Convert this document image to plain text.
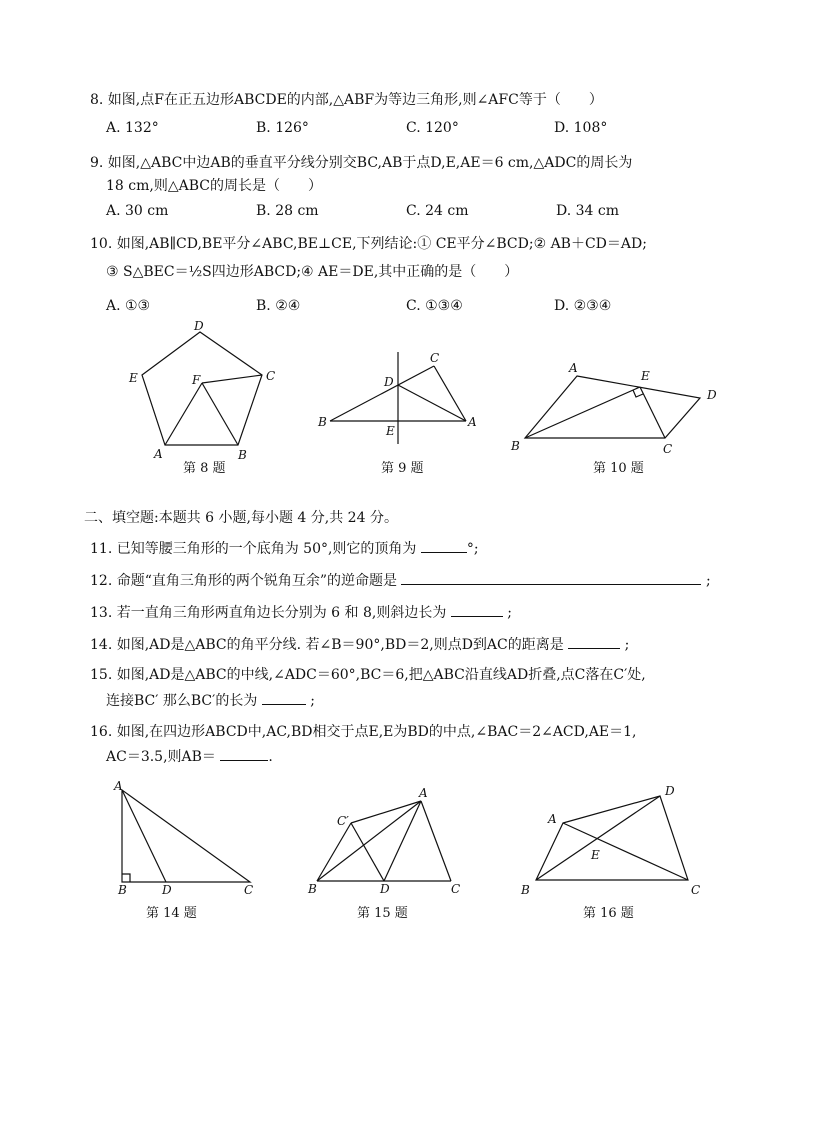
8. 如图,点F在正五边形ABCDE的内部,△ABF为等边三角形,则∠AFC等于（　　）
A. 132°	B. 126°	C. 120°	D. 108°
9. 如图,△ABC中边AB的垂直平分线分别交BC,AB于点D,E,AE＝6 cm,△ADC的周长为
18 cm,则△ABC的周长是（　　）
A. 30 cm	B. 28 cm	C. 24 cm	D. 34 cm
10. 如图,AB∥CD,BE平分∠ABC,BE⊥CE,下列结论:① CE平分∠BCD;② AB＋CD＝AD;
③ S△BEC＝½S四边形ABCD;④ AE＝DE,其中正确的是（　　）
A. ①③	B. ②④	C. ①③④	D. ②③④
D
E	F	C
A	B
第 8 题
C
D
B
E
A
第 9 题
A
E
D
B	C
第 10 题
二、填空题:本题共 6 小题,每小题 4 分,共 24 分。
11. 已知等腰三角形的一个底角为 50°,则它的顶角为	°;
12. 命题“直角三角形的两个锐角互余”的逆命题是	;
13. 若一直角三角形两直角边长分别为 6 和 8,则斜边长为	;
14. 如图,AD是△ABC的角平分线. 若∠B＝90°,BD＝2,则点D到AC的距离是	;
15. 如图,AD是△ABC的中线,∠ADC＝60°,BC＝6,把△ABC沿直线AD折叠,点C落在C′处,
连接BC′ 那么BC′的长为	;
16. 如图,在四边形ABCD中,AC,BD相交于点E,E为BD的中点,∠BAC＝2∠ACD,AE＝1,
AC＝3.5,则AB＝	.
A
B	D	C
第 14 题
A
C′
B	D	C
第 15 题
D
A
E
B	C
第 16 题
